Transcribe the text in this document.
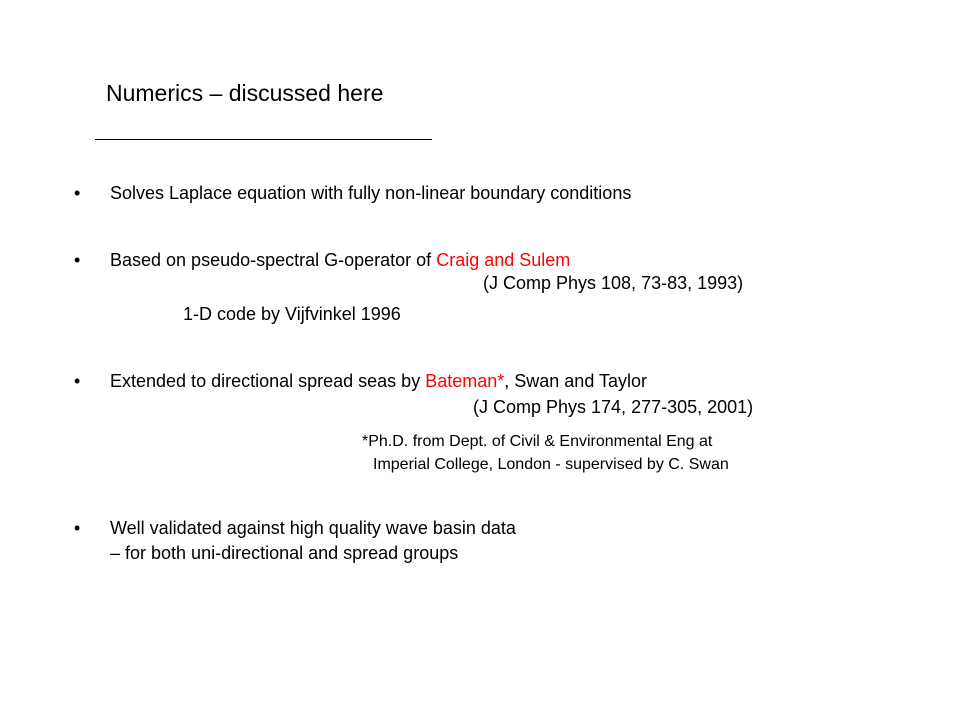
Numerics – discussed here
• Solves Laplace equation with fully non-linear boundary conditions
• Based on pseudo-spectral G-operator of Craig and Sulem
(J Comp Phys 108, 73-83, 1993)
1-D code by Vijfvinkel 1996
• Extended to directional spread seas by Bateman*, Swan and Taylor
(J Comp Phys 174, 277-305, 2001)
*Ph.D. from Dept. of Civil & Environmental Eng at
Imperial College, London - supervised by C. Swan
• Well validated against high quality wave basin data
– for both uni-directional and spread groups
